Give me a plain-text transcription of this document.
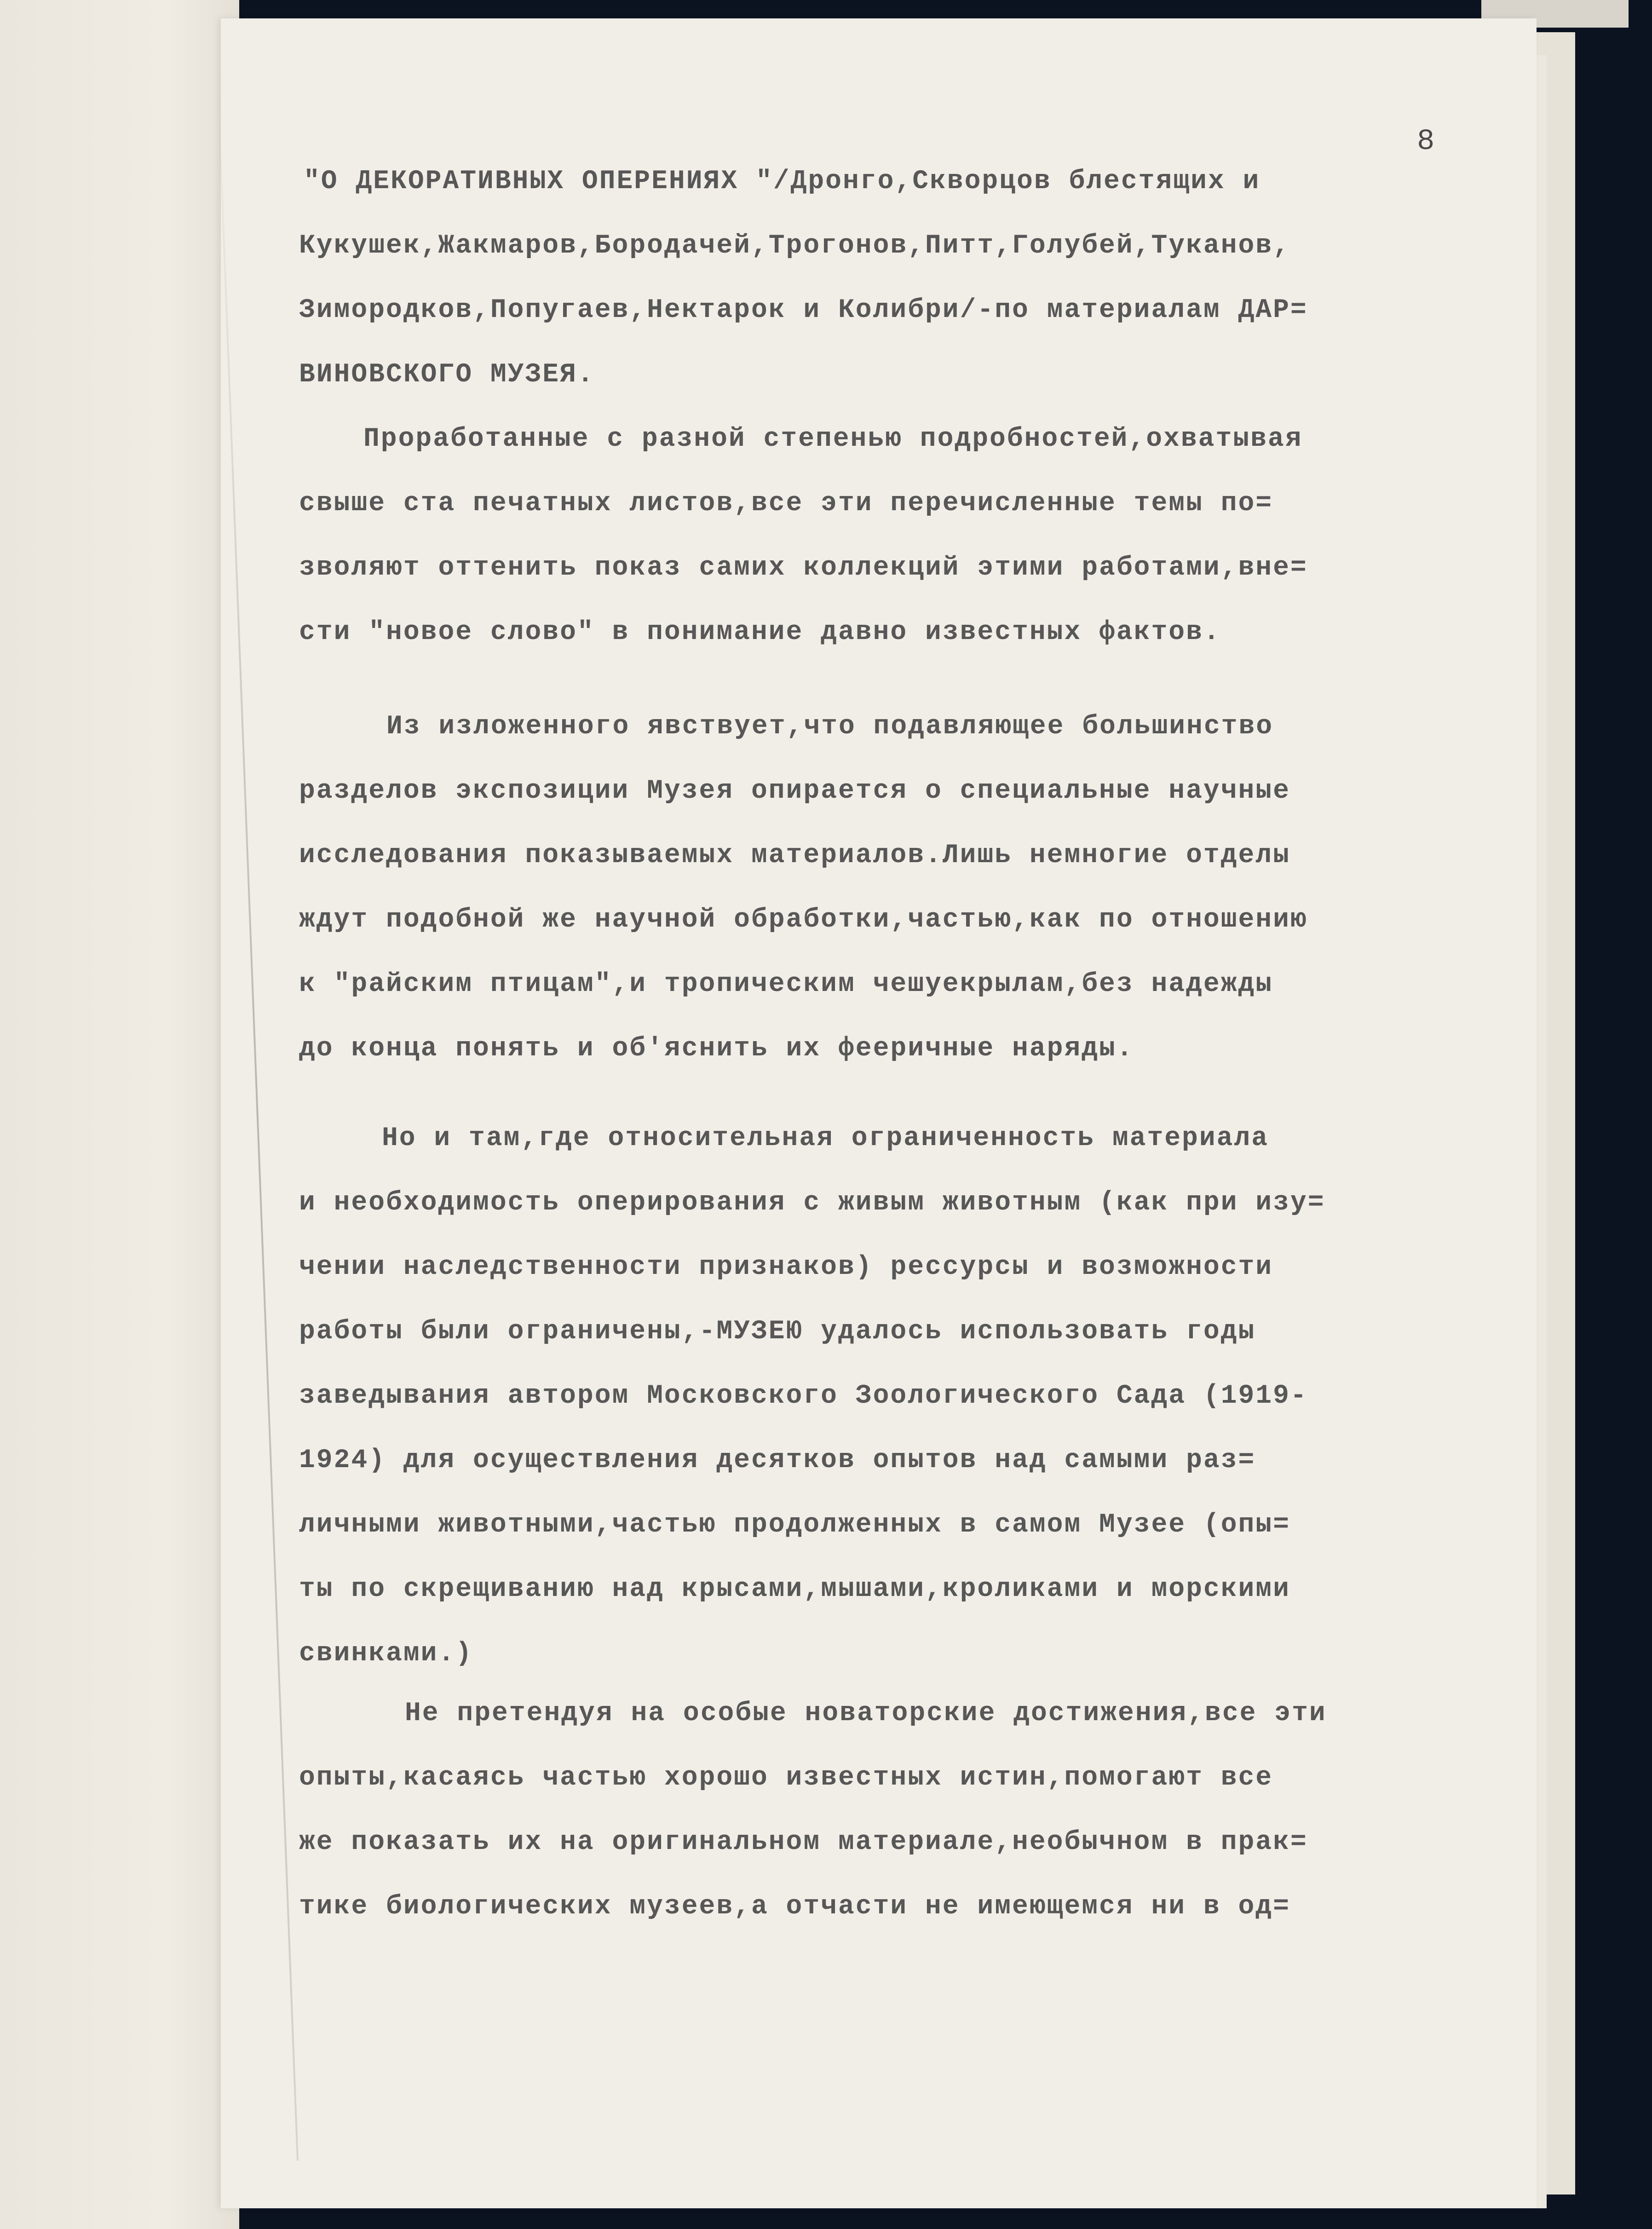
8
"О ДЕКОРАТИВНЫХ ОПЕРЕНИЯХ "/Дронго,Скворцов блестящих и
Кукушек,Жакмаров,Бородачей,Трогонов,Питт,Голубей,Туканов,
Зимородков,Попугаев,Нектарок и Колибри/-по материалам ДАР=
ВИНОВСКОГО МУЗЕЯ.
Проработанные с разной степенью подробностей,охватывая
свыше ста печатных листов,все эти перечисленные темы по=
зволяют оттенить показ самих коллекций этими работами,вне=
сти "новое слово" в понимание давно известных фактов.
Из изложенного явствует,что подавляющее большинство
разделов экспозиции Музея опирается о специальные научные
исследования показываемых материалов.Лишь немногие отделы
ждут подобной же научной обработки,частью,как по отношению
к "райским птицам",и тропическим чешуекрылам,без надежды
до конца понять и об'яснить их фееричные наряды.
Но и там,где относительная ограниченность материала
и необходимость оперирования с живым животным (как при изу=
чении наследственности признаков) рессурсы и возможности
работы были ограничены,-МУЗЕЮ удалось использовать годы
заведывания автором Московского Зоологического Сада (1919-
1924) для осуществления десятков опытов над самыми раз=
личными животными,частью продолженных в самом Музее (опы=
ты по скрещиванию над крысами,мышами,кроликами и морскими
свинками.)
Не претендуя на особые новаторские достижения,все эти
опыты,касаясь частью хорошо известных истин,помогают все
же показать их на оригинальном материале,необычном в прак=
тике биологических музеев,а отчасти не имеющемся ни в од=
